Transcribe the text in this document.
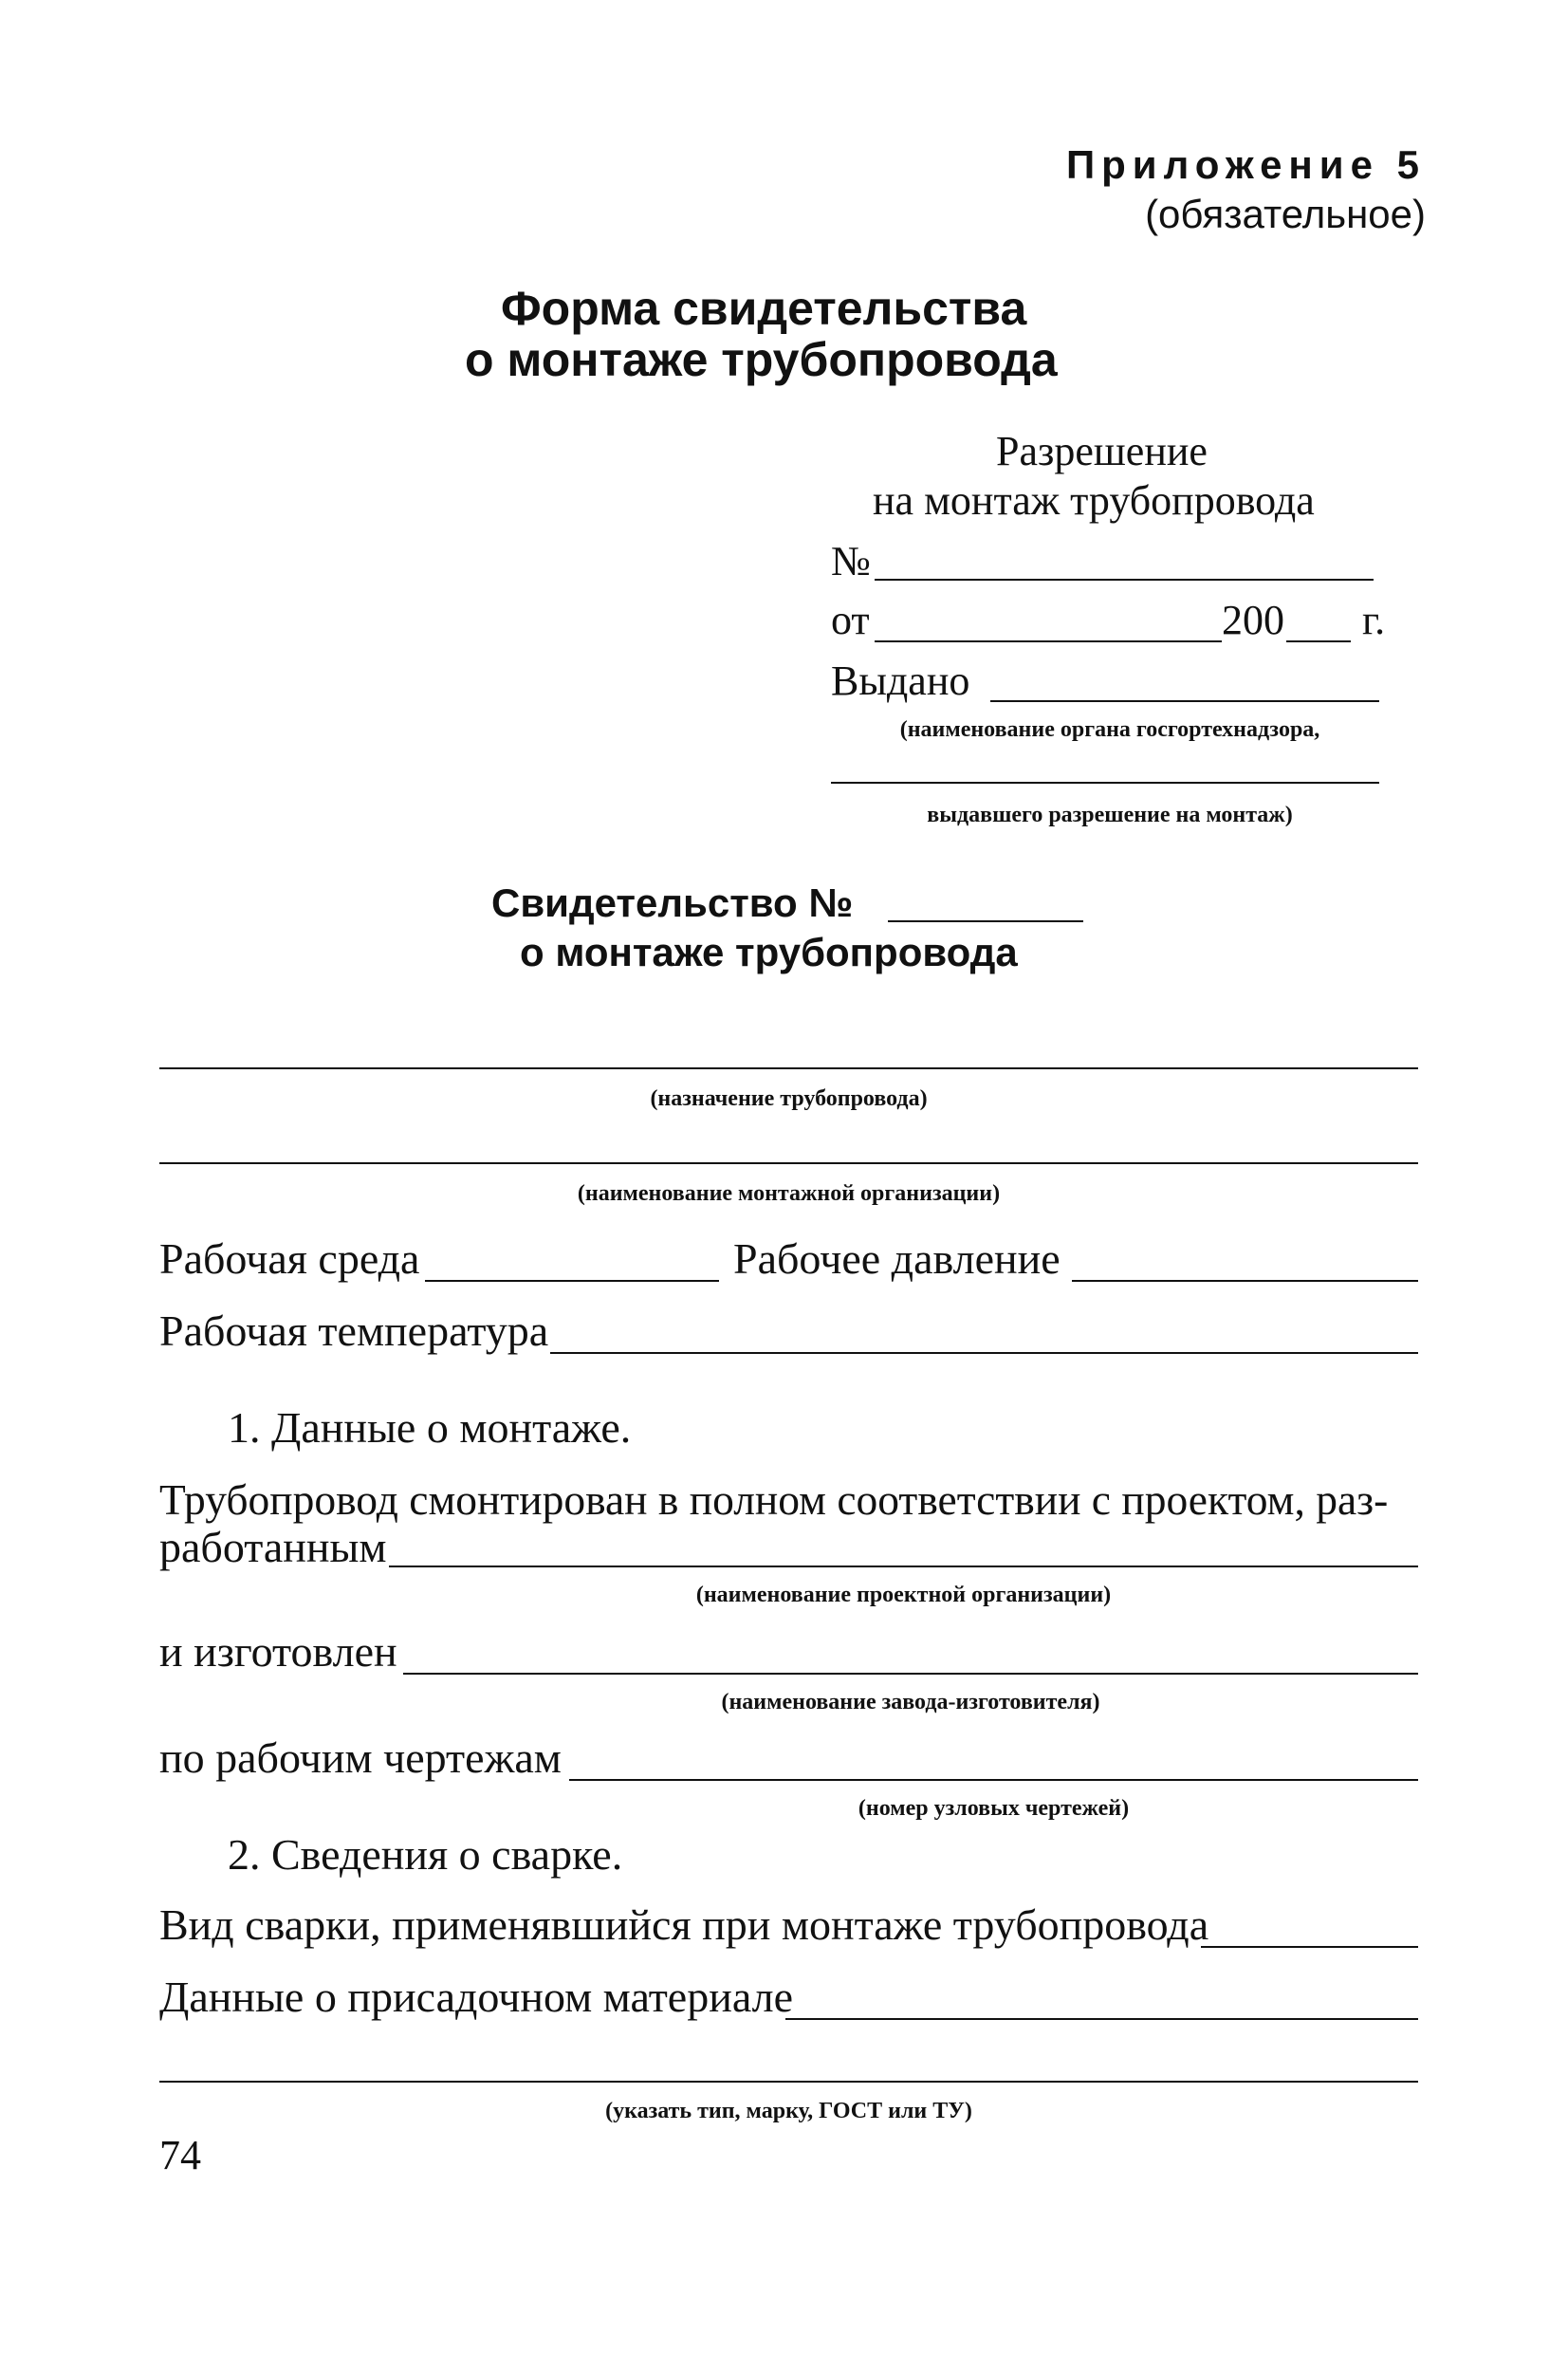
Приложение 5
(обязательное)
Форма свидетельства
о монтаже трубопровода
Разрешение
на монтаж трубопровода
№
от	200 г.
Выдано
(наименование органа госгортехнадзора,
выдавшего разрешение на монтаж)
Свидетельство №
о монтаже трубопровода
(назначение трубопровода)
(наименование монтажной организации)
Рабочая среда	Рабочее давление
Рабочая температура
1. Данные о монтаже.
Трубопровод смонтирован в полном соответствии с проектом, раз-
работанным
(наименование проектной организации)
и изготовлен
(наименование завода-изготовителя)
по рабочим чертежам
(номер узловых чертежей)
2. Сведения о сварке.
Вид сварки, применявшийся при монтаже трубопровода
Данные о присадочном материале
(указать тип, марку, ГОСТ или ТУ)
74
